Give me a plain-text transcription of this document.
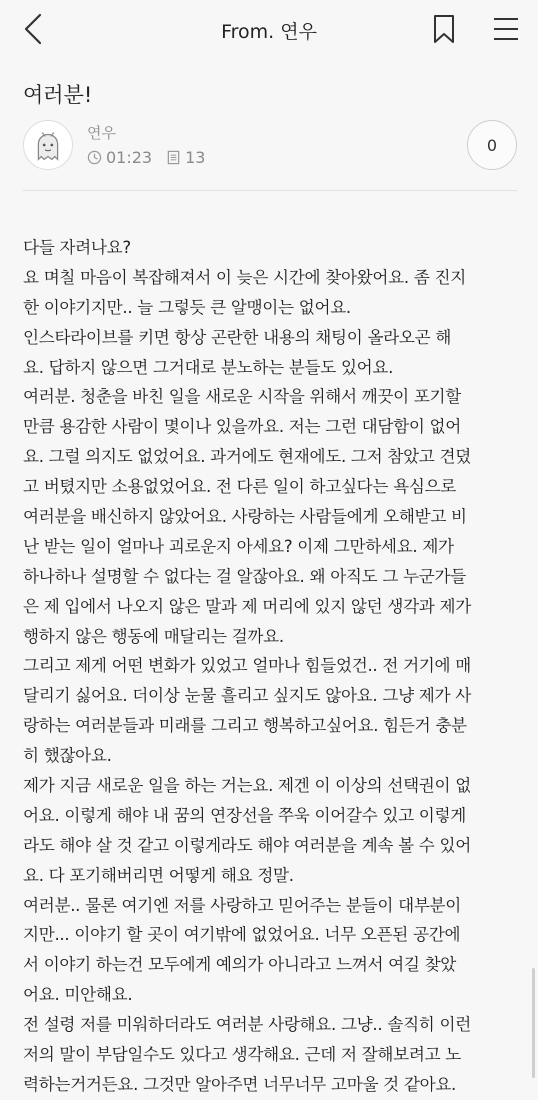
From. 연우
여러분!
연우
01:23 13
0
다들 자려나요?
요 며칠 마음이 복잡해져서 이 늦은 시간에 찾아왔어요. 좀 진지
한 이야기지만.. 늘 그렇듯 큰 알맹이는 없어요.
인스타라이브를 키면 항상 곤란한 내용의 채팅이 올라오곤 해
요. 답하지 않으면 그거대로 분노하는 분들도 있어요.
여러분. 청춘을 바친 일을 새로운 시작을 위해서 깨끗이 포기할
만큼 용감한 사람이 몇이나 있을까요. 저는 그런 대담함이 없어
요. 그럴 의지도 없었어요. 과거에도 현재에도. 그저 참았고 견뎠
고 버텼지만 소용없었어요. 전 다른 일이 하고싶다는 욕심으로
여러분을 배신하지 않았어요. 사랑하는 사람들에게 오해받고 비
난 받는 일이 얼마나 괴로운지 아세요? 이제 그만하세요. 제가
하나하나 설명할 수 없다는 걸 알잖아요. 왜 아직도 그 누군가들
은 제 입에서 나오지 않은 말과 제 머리에 있지 않던 생각과 제가
행하지 않은 행동에 매달리는 걸까요.
그리고 제게 어떤 변화가 있었고 얼마나 힘들었건.. 전 거기에 매
달리기 싫어요. 더이상 눈물 흘리고 싶지도 않아요. 그냥 제가 사
랑하는 여러분들과 미래를 그리고 행복하고싶어요. 힘든거 충분
히 했잖아요.
제가 지금 새로운 일을 하는 거는요. 제겐 이 이상의 선택권이 없
어요. 이렇게 해야 내 꿈의 연장선을 쭈욱 이어갈수 있고 이렇게
라도 해야 살 것 같고 이렇게라도 해야 여러분을 계속 볼 수 있어
요. 다 포기해버리면 어떻게 해요 정말.
여러분.. 물론 여기엔 저를 사랑하고 믿어주는 분들이 대부분이
지만... 이야기 할 곳이 여기밖에 없었어요. 너무 오픈된 공간에
서 이야기 하는건 모두에게 예의가 아니라고 느껴서 여길 찾았
어요. 미안해요.
전 설령 저를 미워하더라도 여러분 사랑해요. 그냥.. 솔직히 이런
저의 말이 부담일수도 있다고 생각해요. 근데 저 잘해보려고 노
력하는거거든요. 그것만 알아주면 너무너무 고마울 것 같아요.
